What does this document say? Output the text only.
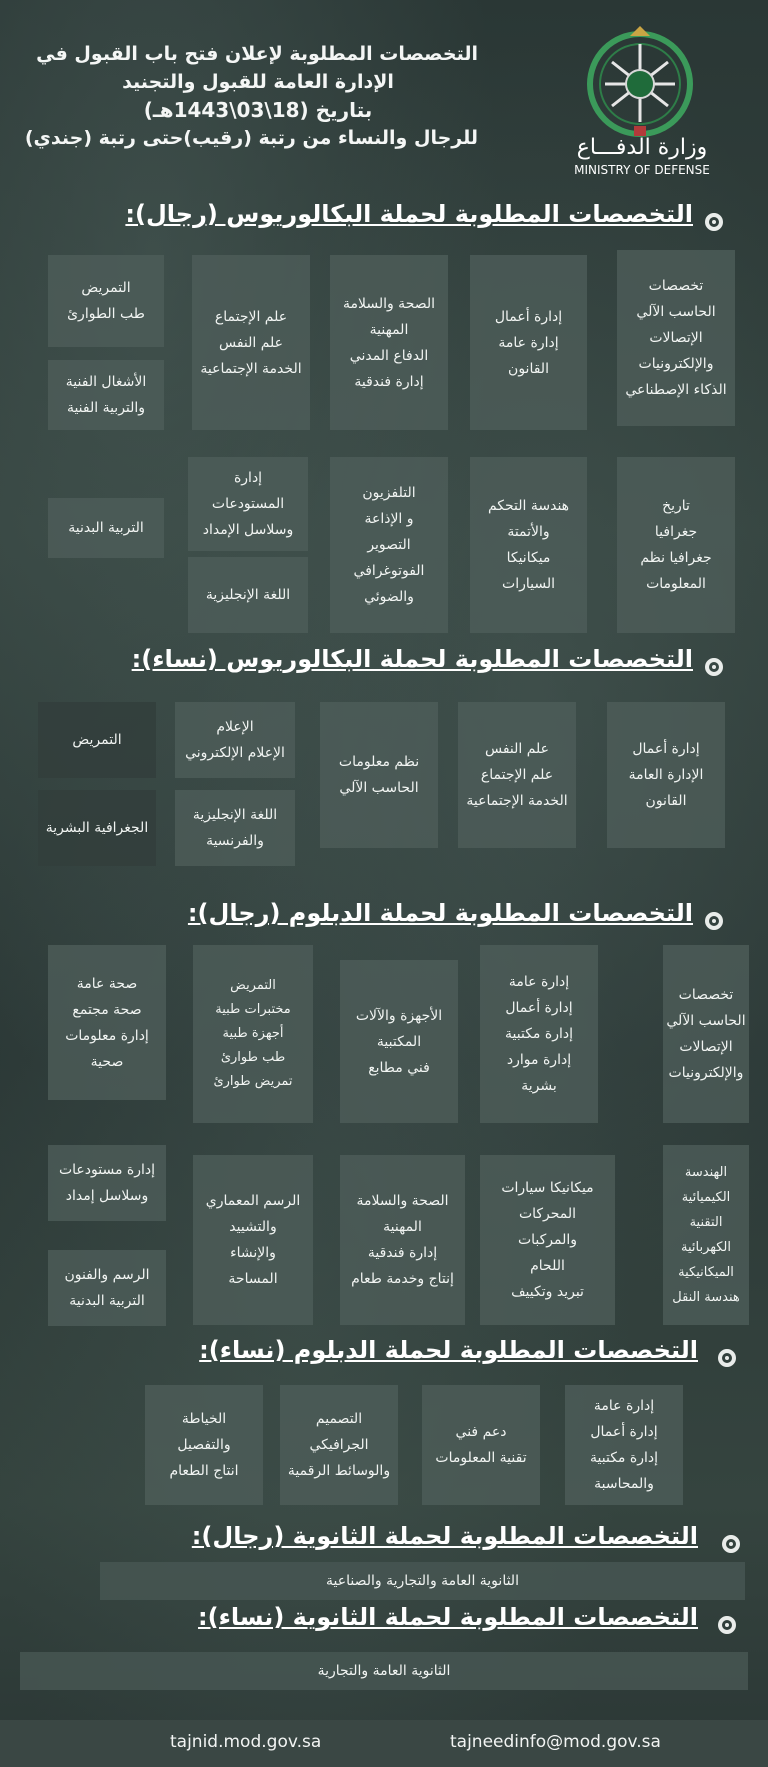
التخصصات المطلوبة لإعلان فتح باب القبول في
الإدارة العامة للقبول والتجنيد
بتاريخ (18\03\1443هـ)
للرجال والنساء من رتبة (رقيب)حتى رتبة (جندي)	وزارة الدفـــاع
MINISTRY OF DEFENSE
التخصصات المطلوبة لحملة البكالوريوس (رجال):
تخصصات
الحاسب الآلي
الإتصالات
والإلكترونيات
الذكاء الإصطناعي
إدارة أعمال
إدارة عامة
القانون
الصحة والسلامة
المهنية
الدفاع المدني
إدارة فندقية
علم الإجتماع
علم النفس
الخدمة الإجتماعية
التمريض
طب الطوارئ
الأشغال الفنية
والتربية الفنية
تاريخ
جغرافيا
جغرافيا نظم
المعلومات
هندسة التحكم
والأتمتة
ميكانيكا
السيارات
التلفزيون
و الإذاعة
التصوير
الفوتوغرافي
والضوئي
إدارة
المستودعات
وسلاسل الإمداد
اللغة الإنجليزية
التربية البدنية
التخصصات المطلوبة لحملة البكالوريوس (نساء):
إدارة أعمال
الإدارة العامة
القانون
علم النفس
علم الإجتماع
الخدمة الإجتماعية
نظم معلومات
الحاسب الآلي
الإعلام
الإعلام الإلكتروني
اللغة الإنجليزية
والفرنسية
التمريض
الجغرافية البشرية
التخصصات المطلوبة لحملة الدبلوم (رجال):
تخصصات
الحاسب الآلي
الإتصالات
والإلكترونيات
إدارة عامة
إدارة أعمال
إدارة مكتبية
إدارة موارد
بشرية
الأجهزة والآلات
المكتبية
فني مطابع
التمريض
مختبرات طبية
أجهزة طبية
طب طوارئ
تمريض طوارئ
صحة عامة
صحة مجتمع
إدارة معلومات
صحية
الهندسة
الكيميائية
التقنية
الكهربائية
الميكانيكية
هندسة النقل
ميكانيكا سيارات
المحركات
والمركبات
اللحام
تبريد وتكييف
الصحة والسلامة
المهنية
إدارة فندقية
إنتاج وخدمة طعام
الرسم المعماري
والتشييد
والإنشاء
المساحة
إدارة مستودعات
وسلاسل إمداد
الرسم والفنون
التربية البدنية
التخصصات المطلوبة لحملة الدبلوم (نساء):
إدارة عامة
إدارة أعمال
إدارة مكتبية
والمحاسبة
دعم فني
تقنية المعلومات
التصميم
الجرافيكي
والوسائط الرقمية
الخياطة
والتفصيل
انتاج الطعام
التخصصات المطلوبة لحملة الثانوية (رجال):
الثانوية العامة والتجارية والصناعية
التخصصات المطلوبة لحملة الثانوية (نساء):
الثانوية العامة والتجارية
tajnid.mod.gov.sa	tajneedinfo@mod.gov.sa
